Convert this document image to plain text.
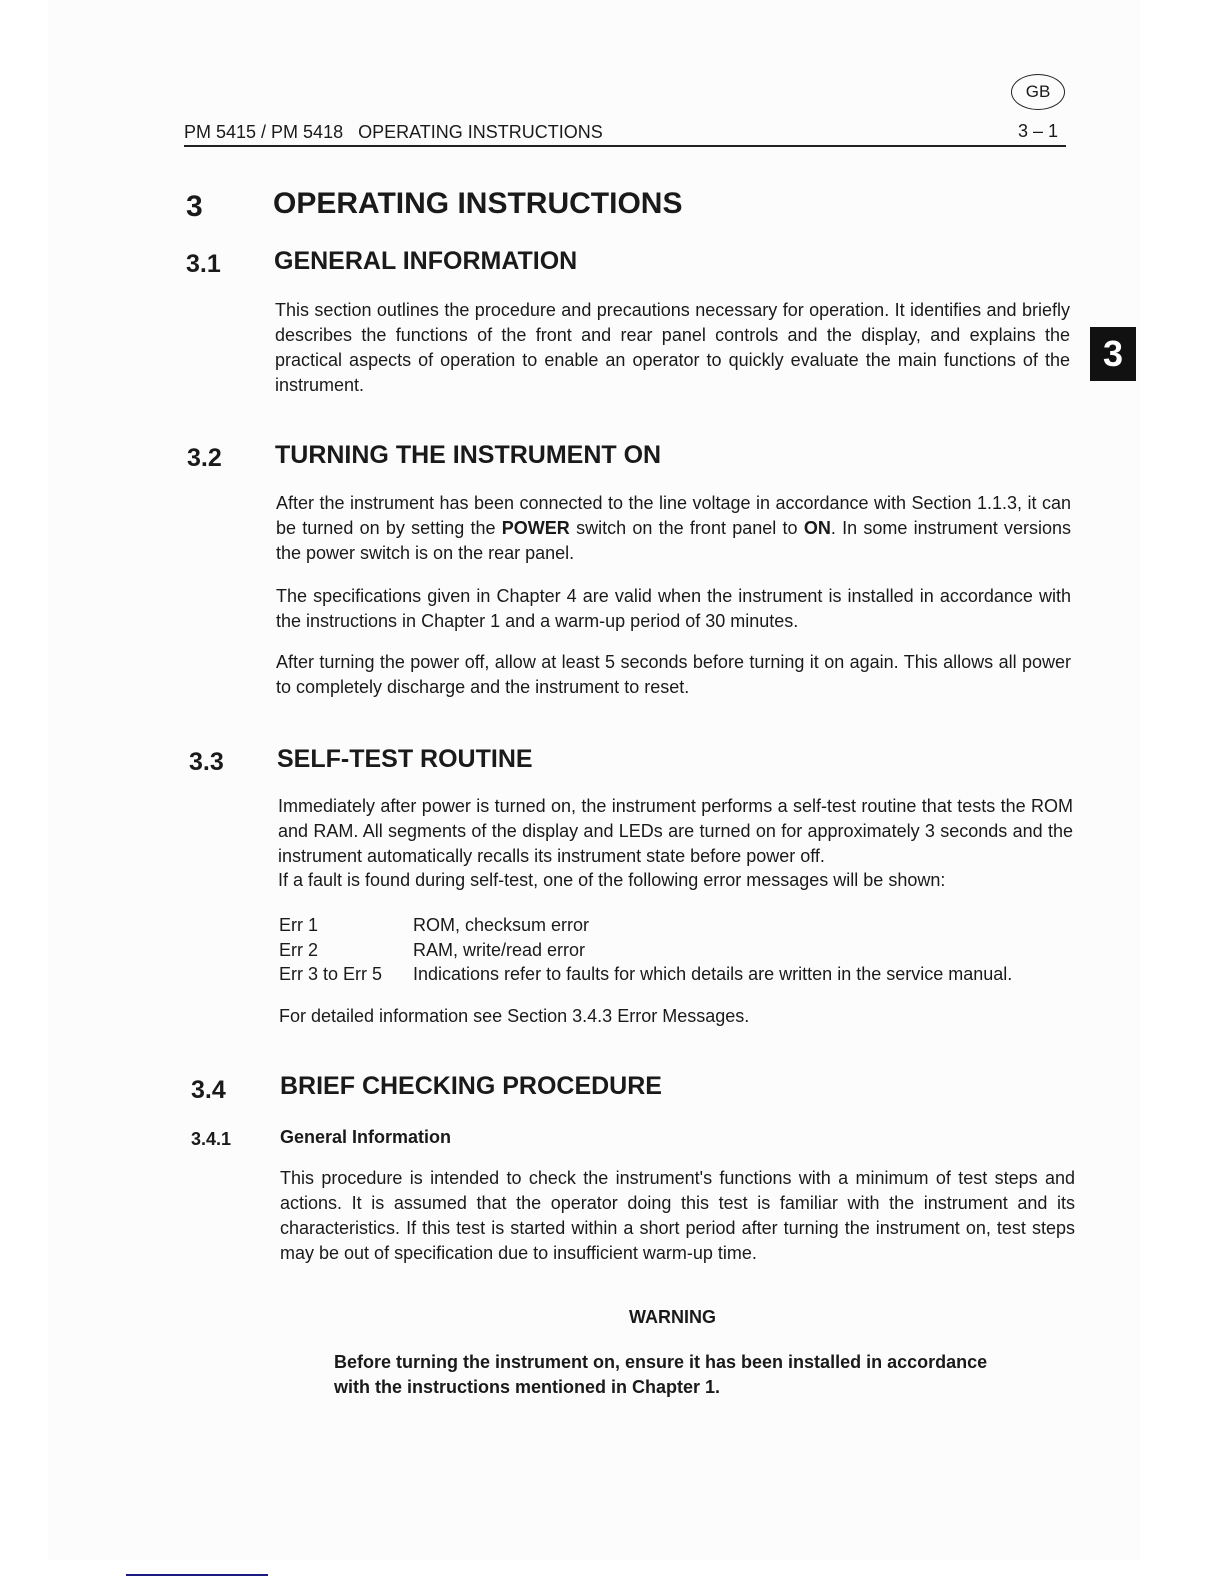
GB
PM 5415 / PM 5418   OPERATING INSTRUCTIONS	3 – 1
3
3 OPERATING INSTRUCTIONS
3.1 GENERAL INFORMATION
This section outlines the procedure and precautions necessary for operation. It identifies and briefly describes the functions of the front and rear panel controls and the display, and explains the practical aspects of operation to enable an operator to quickly evaluate the main functions of the instrument.
3.2 TURNING THE INSTRUMENT ON
After the instrument has been connected to the line voltage in accordance with Section 1.1.3, it can be turned on by setting the POWER switch on the front panel to ON. In some instrument versions the power switch is on the rear panel.
The specifications given in Chapter 4 are valid when the instrument is installed in accordance with the instructions in Chapter 1 and a warm-up period of 30 minutes.
After turning the power off, allow at least 5 seconds before turning it on again. This allows all power to completely discharge and the instrument to reset.
3.3 SELF-TEST ROUTINE
Immediately after power is turned on, the instrument performs a self-test routine that tests the ROM and RAM. All segments of the display and LEDs are turned on for approximately 3 seconds and the instrument automatically recalls its instrument state before power off.
If a fault is found during self-test, one of the following error messages will be shown:
Err 1	ROM, checksum error
Err 2	RAM, write/read error
Err 3 to Err 5 Indications refer to faults for which details are written in the service manual.
For detailed information see Section 3.4.3 Error Messages.
3.4 BRIEF CHECKING PROCEDURE
3.4.1	General Information
This procedure is intended to check the instrument's functions with a minimum of test steps and actions. It is assumed that the operator doing this test is familiar with the instrument and its characteristics. If this test is started within a short period after turning the instrument on, test steps may be out of specification due to insufficient warm-up time.
WARNING
Before turning the instrument on, ensure it has been installed in accordance with the instructions mentioned in Chapter 1.
